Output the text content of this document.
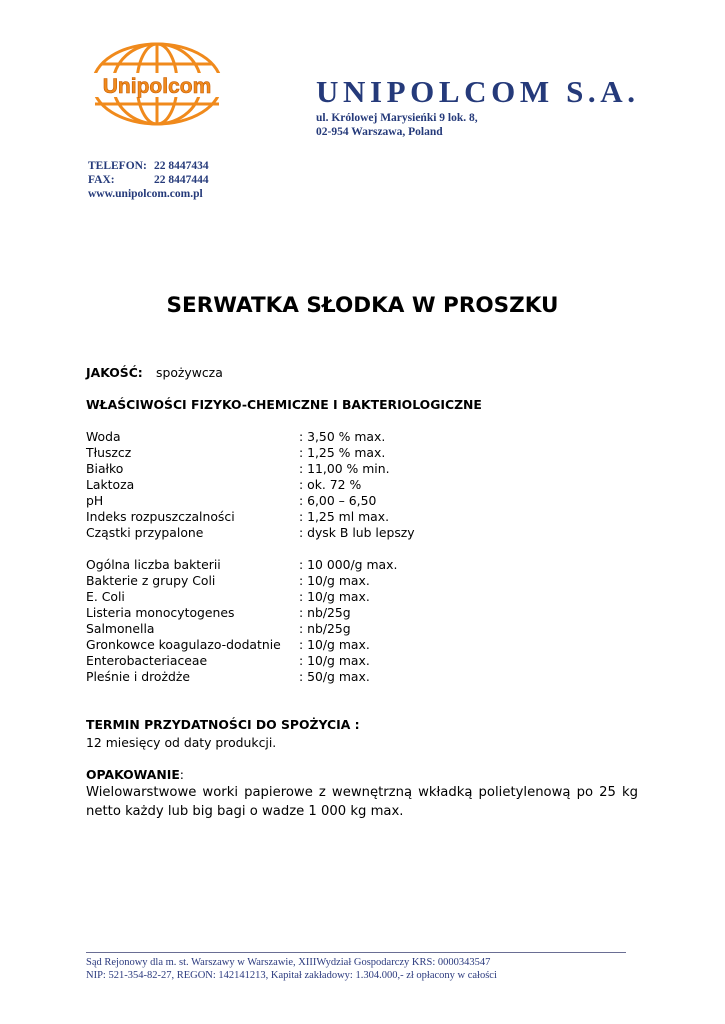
Unipolcom	UNIPOLCOM S.A.
ul. Królowej Marysieńki 9 lok. 8,
02-954 Warszawa, Poland
TELEFON: 22 8447434
FAX:	22 8447444
www.unipolcom.com.pl
SERWATKA SŁODKA W PROSZKU
JAKOŚĆ: spożywcza
WŁAŚCIWOŚCI FIZYKO-CHEMICZNE I BAKTERIOLOGICZNE
Woda	: 3,50 % max.
Tłuszcz	: 1,25 % max.
Białko	: 11,00 % min.
Laktoza	: ok. 72 %
pH	: 6,00 – 6,50
Indeks rozpuszczalności	: 1,25 ml max.
Cząstki przypalone	: dysk B lub lepszy
Ogólna liczba bakterii	: 10 000/g max.
Bakterie z grupy Coli	: 10/g max.
E. Coli	: 10/g max.
Listeria monocytogenes	: nb/25g
Salmonella	: nb/25g
Gronkowce koagulazo-dodatnie : 10/g max.
Enterobacteriaceae	: 10/g max.
Pleśnie i drożdże	: 50/g max.
TERMIN PRZYDATNOŚCI DO SPOŻYCIA :
12 miesięcy od daty produkcji.
OPAKOWANIE:
Wielowarstwowe worki papierowe z wewnętrzną wkładką polietylenową po 25 kg netto każdy lub big bagi o wadze 1 000 kg max.
Sąd Rejonowy dla m. st. Warszawy w Warszawie, XIIIWydział Gospodarczy KRS: 0000343547
NIP: 521-354-82-27, REGON: 142141213, Kapitał zakładowy: 1.304.000,- zł opłacony w całości
